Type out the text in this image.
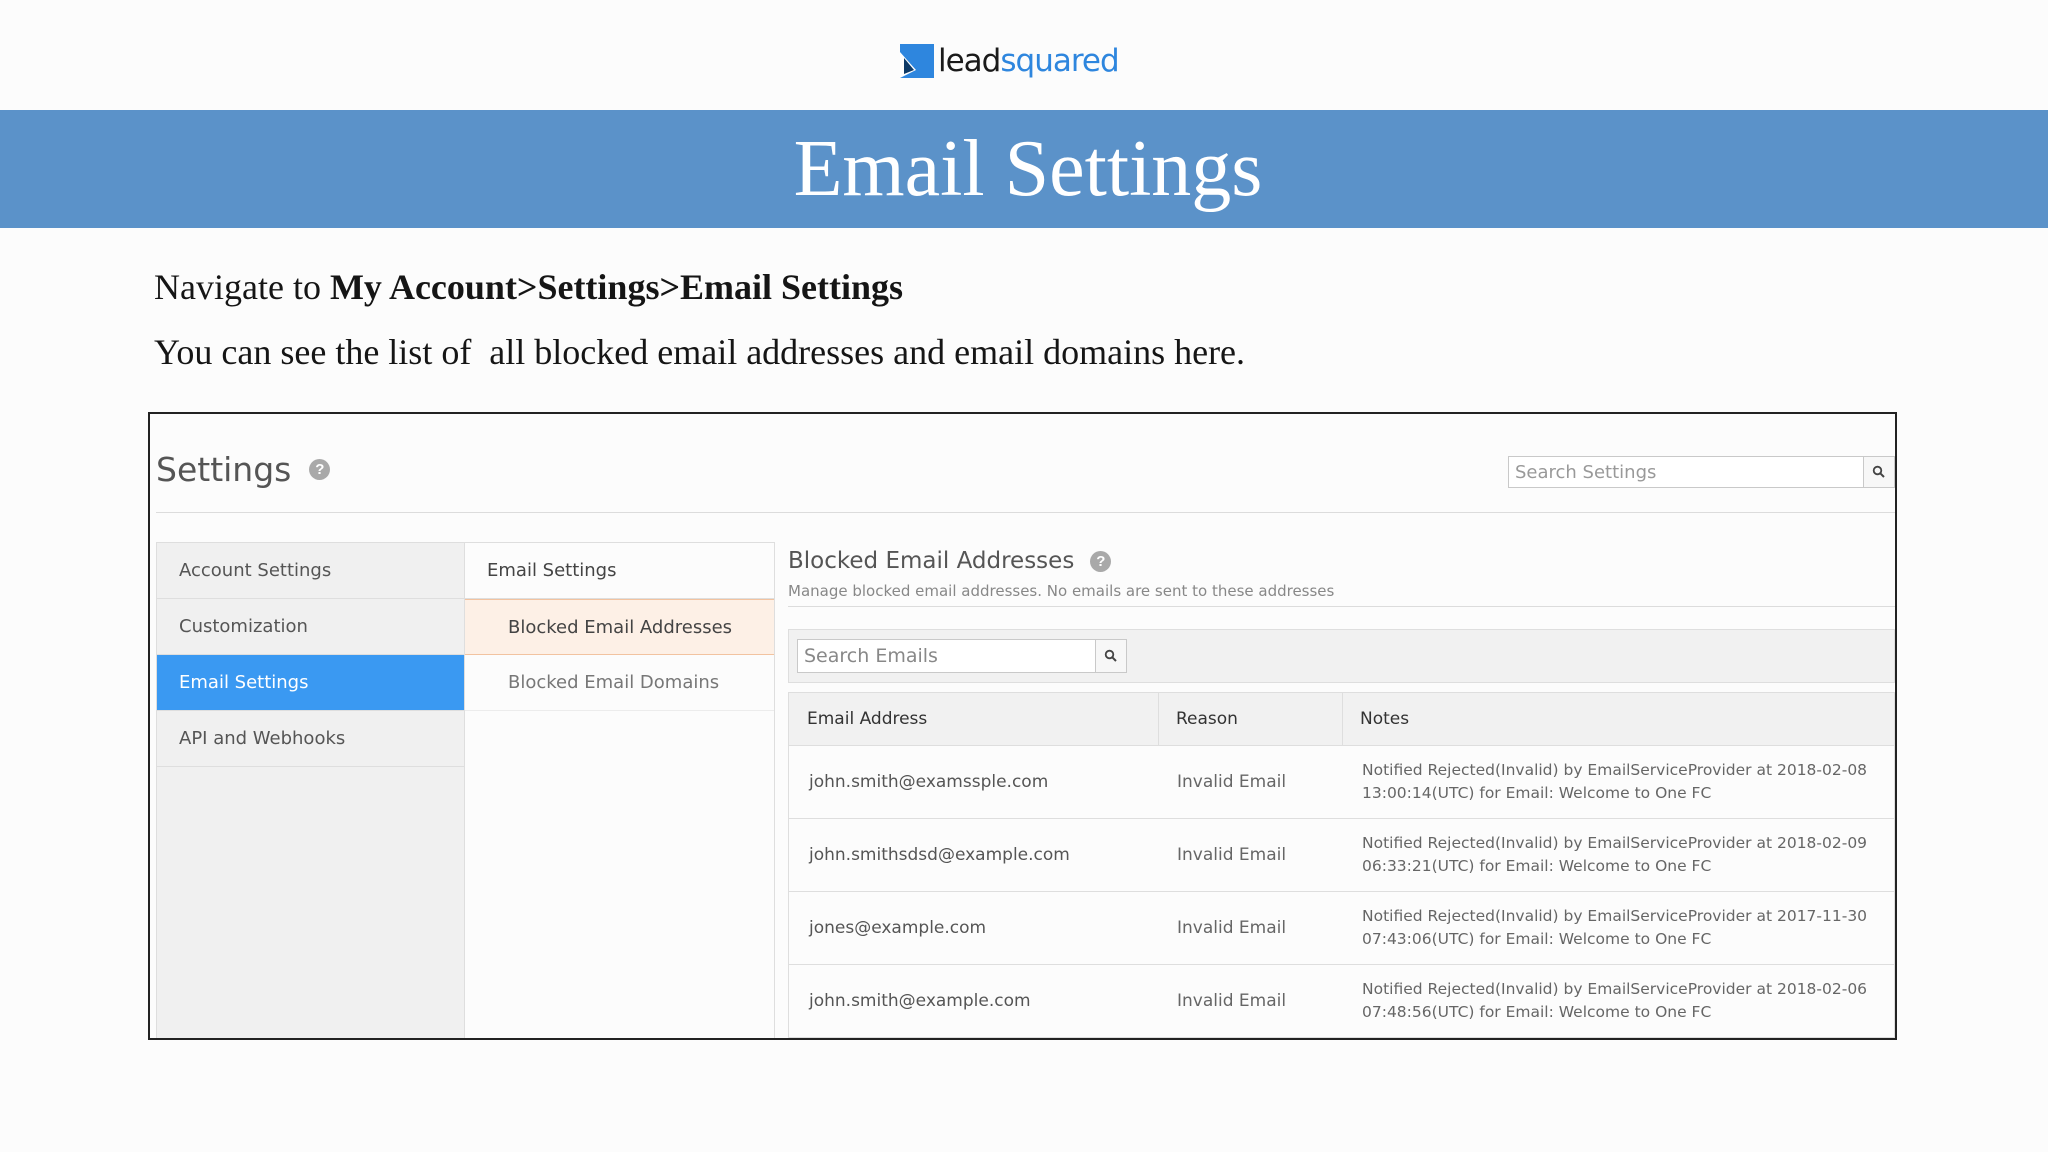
leadsquared
Email Settings
Navigate to My Account>Settings>Email Settings
You can see the list of  all blocked email addresses and email domains here.
Settings	?
Search Settings
Account Settings
Customization
Email Settings
API and Webhooks
Email Settings
Blocked Email Addresses
Blocked Email Domains
Blocked Email Addresses	?
Manage blocked email addresses. No emails are sent to these addresses
Search Emails
Email Address	Reason	Notes
john.smith@examssple.com	Invalid Email
Notified Rejected(Invalid) by EmailServiceProvider at 2018-02-08 13:00:14(UTC) for Email: Welcome to One FC
john.smithsdsd@example.com	Invalid Email
Notified Rejected(Invalid) by EmailServiceProvider at 2018-02-09 06:33:21(UTC) for Email: Welcome to One FC
jones@example.com	Invalid Email
Notified Rejected(Invalid) by EmailServiceProvider at 2017-11-30 07:43:06(UTC) for Email: Welcome to One FC
john.smith@example.com	Invalid Email
Notified Rejected(Invalid) by EmailServiceProvider at 2018-02-06 07:48:56(UTC) for Email: Welcome to One FC
